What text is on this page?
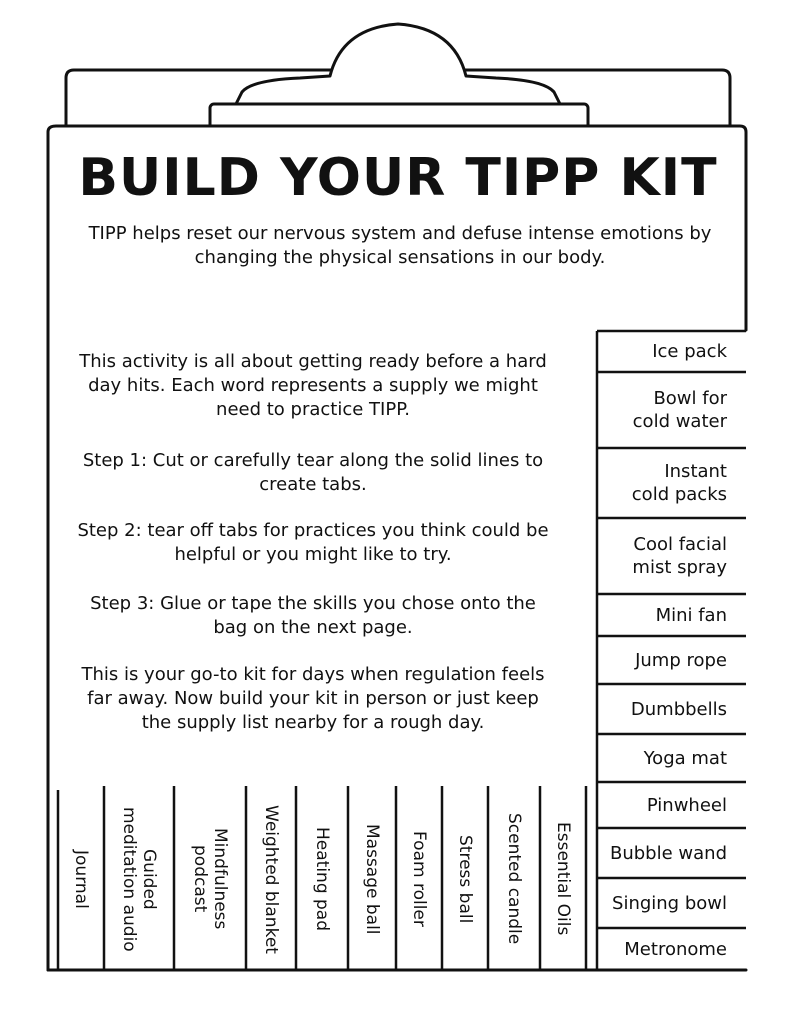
BUILD YOUR TIPP KIT
TIPP helps reset our nervous system and defuse intense emotions by changing the physical sensations in our body.
This activity is all about getting ready before a hard day hits. Each word represents a supply we might need to practice TIPP.
Step 1: Cut or carefully tear along the solid lines to create tabs.
Step 2: tear off tabs for practices you think could be helpful or you might like to try.
Step 3: Glue or tape the skills you chose onto the bag on the next page.
This is your go-to kit for days when regulation feels far away. Now build your kit in person or just keep the supply list nearby for a rough day.
Ice pack
Bowl for
cold water
Instant
cold packs
Cool facial
mist spray
Mini fan
Jump rope
Dumbbells
Yoga mat
Pinwheel
Bubble wand
Singing bowl
Metronome
Journal	Guided
meditation audio	Mindfulness
podcast	Weighted blanket Heating pad Massage ball Foam roller Stress ball Scented candle Essential Oils
